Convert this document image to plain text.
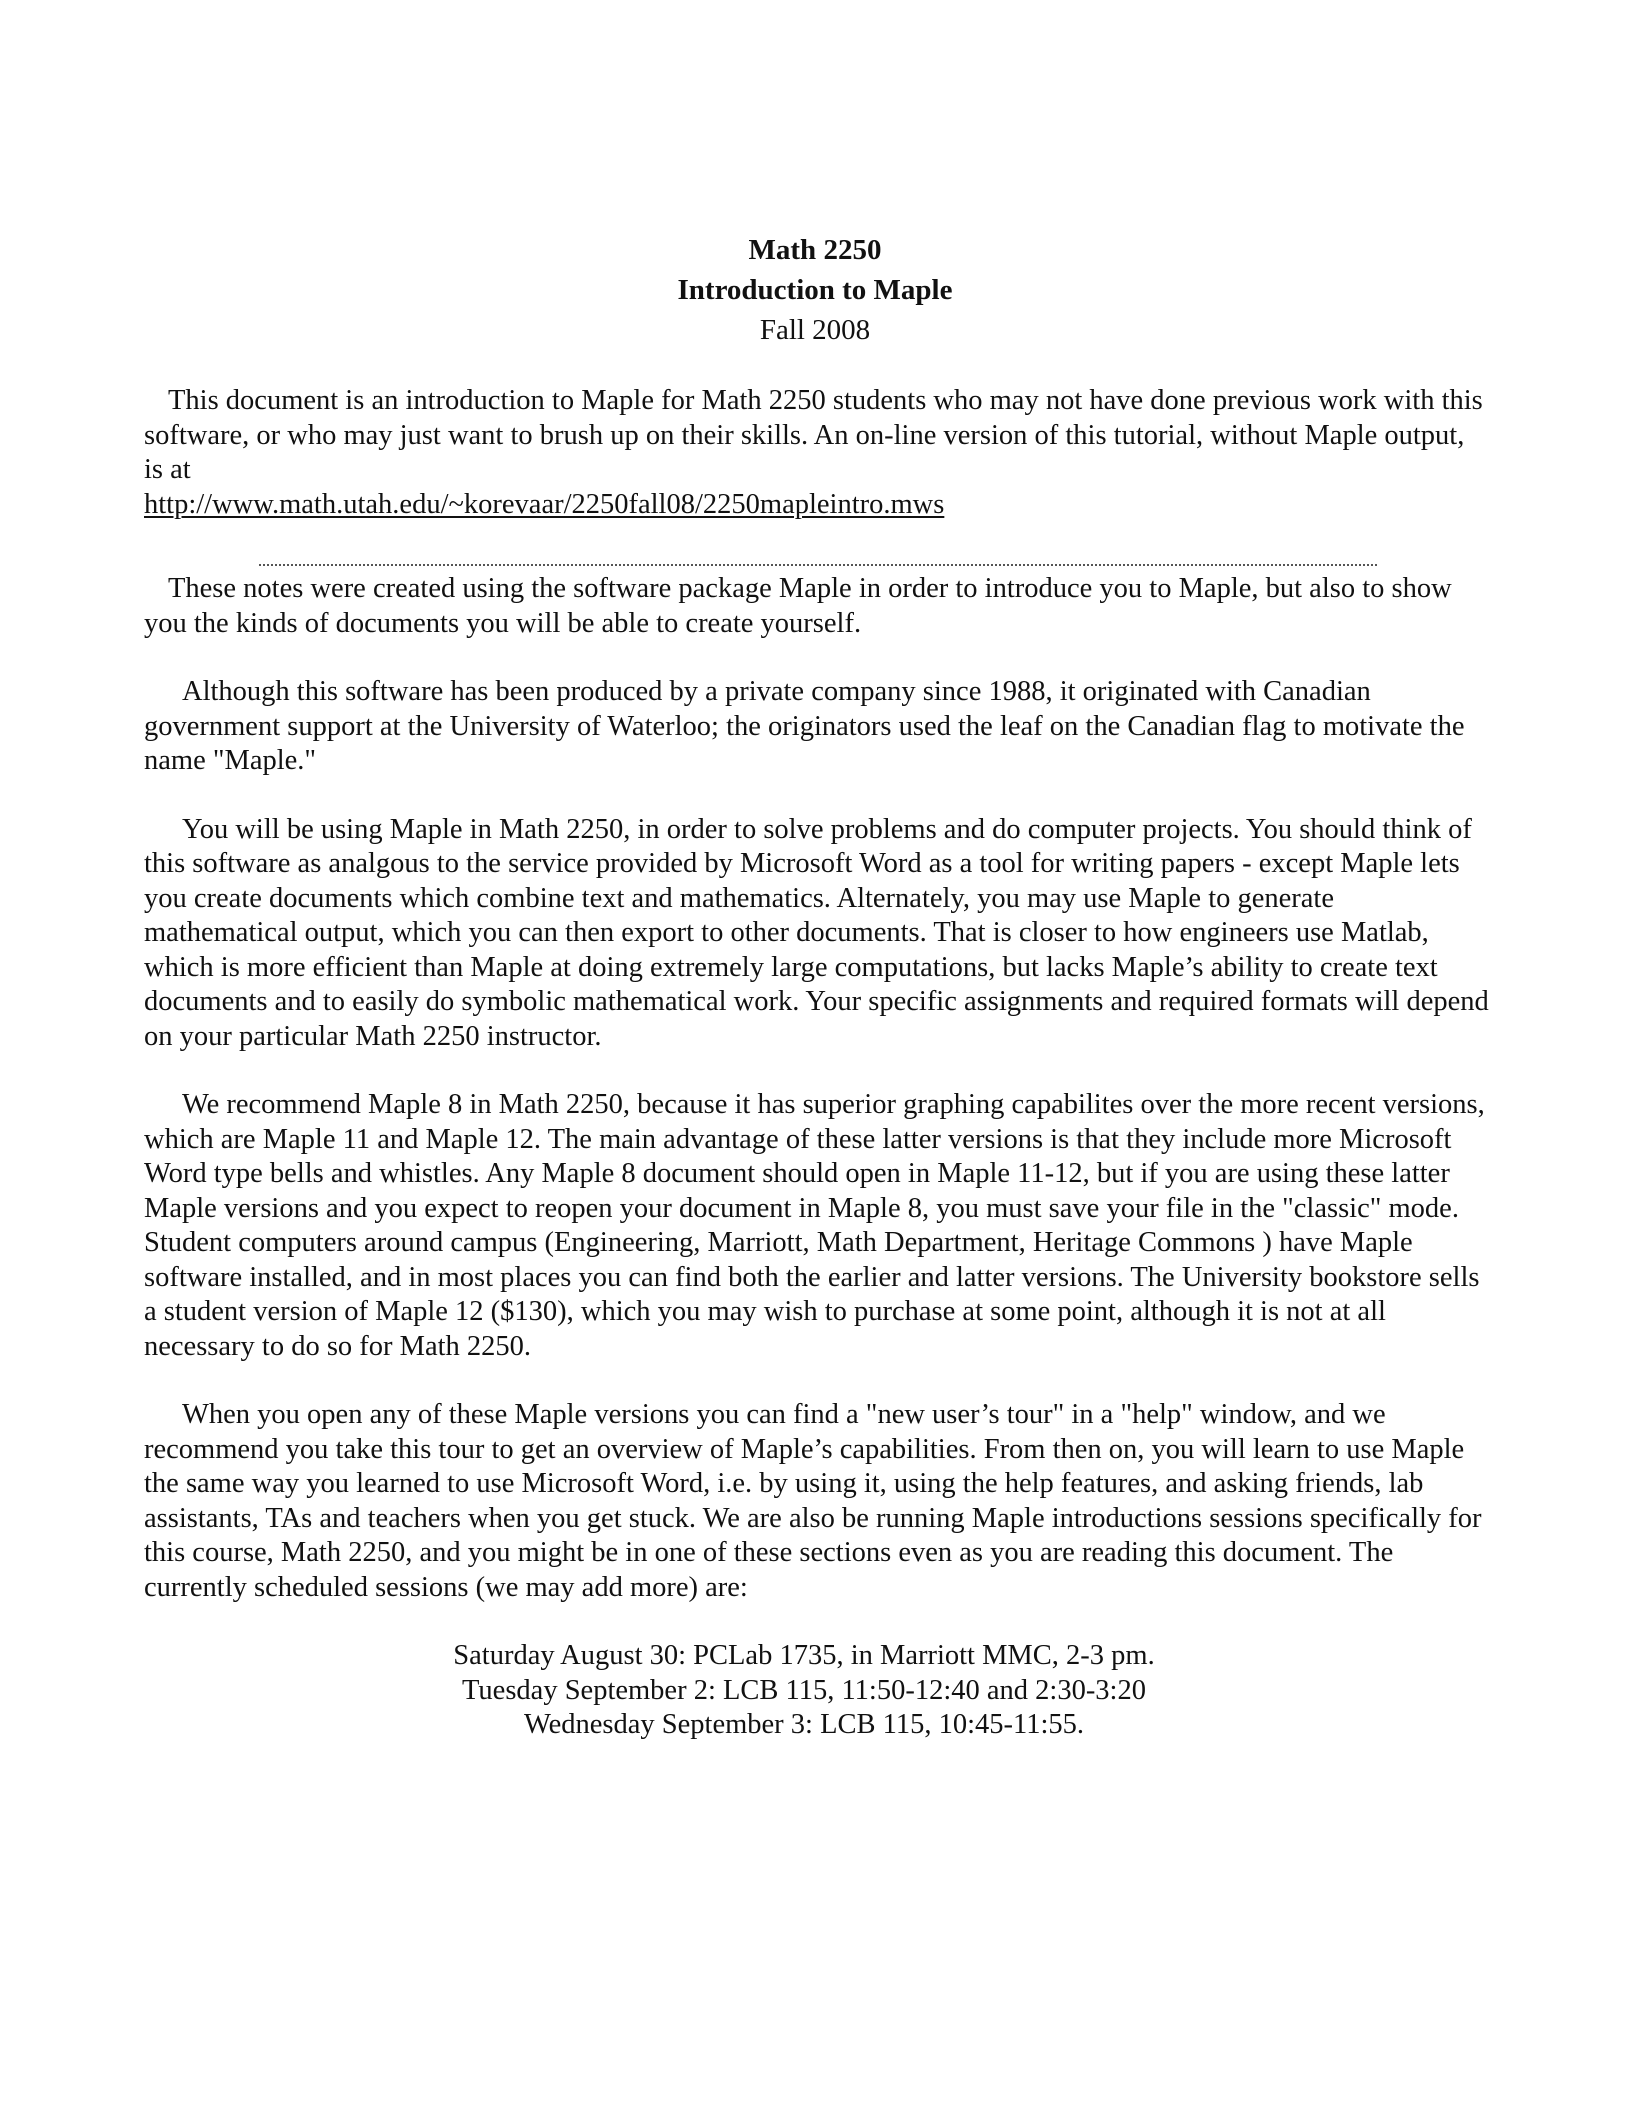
Math 2250
Introduction to Maple
Fall 2008

This document is an introduction to Maple for Math 2250 students who may not have done previous work with this software, or who may just want to brush up on their skills. An on-line version of this tutorial, without Maple output, is at
http://www.math.utah.edu/~korevaar/2250fall08/2250mapleintro.mws

These notes were created using the software package Maple in order to introduce you to Maple, but also to show you the kinds of documents you will be able to create yourself.

Although this software has been produced by a private company since 1988, it originated with Canadian government support at the University of Waterloo; the originators used the leaf on the Canadian flag to motivate the name "Maple."

You will be using Maple in Math 2250, in order to solve problems and do computer projects. You should think of this software as analgous to the service provided by Microsoft Word as a tool for writing papers - except Maple lets you create documents which combine text and mathematics. Alternately, you may use Maple to generate mathematical output, which you can then export to other documents. That is closer to how engineers use Matlab, which is more efficient than Maple at doing extremely large computations, but lacks Maple’s ability to create text documents and to easily do symbolic mathematical work. Your specific assignments and required formats will depend on your particular Math 2250 instructor.

We recommend Maple 8 in Math 2250, because it has superior graphing capabilites over the more recent versions, which are Maple 11 and Maple 12. The main advantage of these latter versions is that they include more Microsoft Word type bells and whistles. Any Maple 8 document should open in Maple 11-12, but if you are using these latter Maple versions and you expect to reopen your document in Maple 8, you must save your file in the "classic" mode. Student computers around campus (Engineering, Marriott, Math Department, Heritage Commons ) have Maple software installed, and in most places you can find both the earlier and latter versions. The University bookstore sells a student version of Maple 12 ($130), which you may wish to purchase at some point, although it is not at all necessary to do so for Math 2250.

When you open any of these Maple versions you can find a "new user’s tour" in a "help" window, and we recommend you take this tour to get an overview of Maple’s capabilities. From then on, you will learn to use Maple the same way you learned to use Microsoft Word, i.e. by using it, using the help features, and asking friends, lab assistants, TAs and teachers when you get stuck. We are also be running Maple introductions sessions specifically for this course, Math 2250, and you might be in one of these sections even as you are reading this document. The currently scheduled sessions (we may add more) are:

Saturday August 30: PCLab 1735, in Marriott MMC, 2-3 pm.
Tuesday September 2: LCB 115, 11:50-12:40 and 2:30-3:20
Wednesday September 3: LCB 115, 10:45-11:55.
